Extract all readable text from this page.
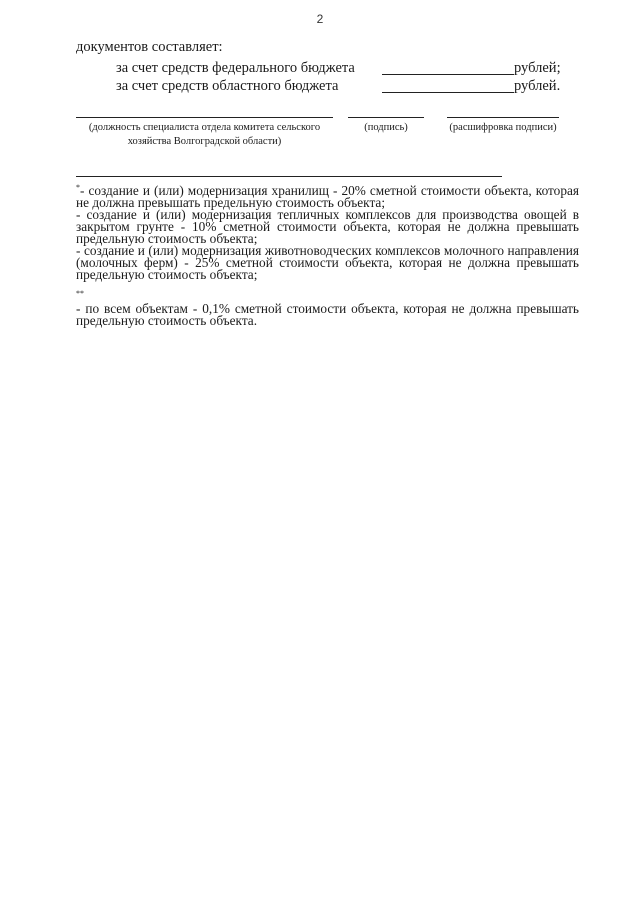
2
документов составляет:
за счет средств федерального бюджета	рублей;
за счет средств областного бюджета	рублей.
(должность специалиста отдела комитета сельского хозяйства Волгоградской области)
(подпись)	(расшифровка подписи)

*- создание и (или) модернизация хранилищ - 20% сметной стоимости объекта, которая не должна превышать предельную стоимость объекта;

- создание и (или) модернизация тепличных комплексов для производства овощей в закрытом грунте - 10% сметной стоимости объекта, которая не должна превышать предельную стоимость объекта;

- создание и (или) модернизация животноводческих комплексов молочного направления (молочных ферм) - 25% сметной стоимости объекта, которая не должна превышать предельную стоимость объекта;

**
- по всем объектам - 0,1% сметной стоимости объекта, которая не должна превышать предельную стоимость объекта.
